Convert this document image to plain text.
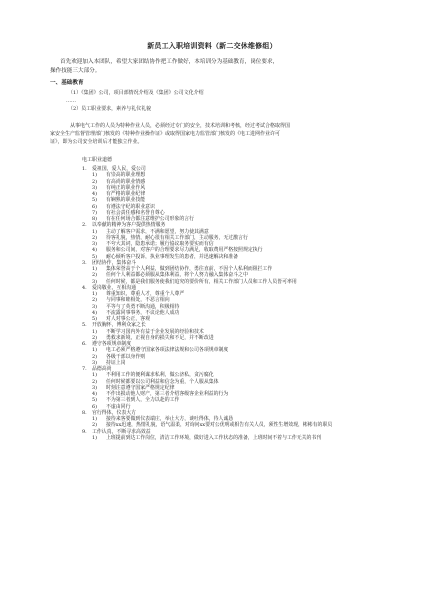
新员工入职培训资料（新二交休维修组）
首先欢迎加入本团队，希望大家团结协作把工作做好，本培训分为基础教育，岗位要求，
操作技能三大部分。
一、基础教育
（1）《集团》公司，项目部情况介绍及《集团》公司文化介绍
……
（2）员工职业要求，素养与礼仪礼貌
从事电气工作的人员为特种作业人员，必须经过专门的安全，技术培训和考核，经过考试合格取得国
家安全生产监督管理部门核发的《特种作业操作证》或取得国家电力监管部门核发的《电工进网作业许可
证》，即为公司安全培训后才能独立作业。
电工职业道德
1. 爱祖国，爱人民，爱公司
1) 有崇高的职业理想
2) 有高尚的职业情感
3) 有纯正的职业作风
4) 有严格的职业纪律
5) 有娴熟的职业技能
6) 有遵法守纪的职业意识
7) 有社会责任感和名誉自尊心
8) 有在任何场合都注意维护公司形象的言行
2. 以奉献的精神为客户提供热情服务
1) 主动了解客户需求，不满和愿望，努力使其满意
2) 待客礼貌，热情，耐心很有相关工作部门，主动服务，无过激言行
3) 不夸大其词，隐患承诺；履行協议取务要实而有信
4) 服务和公司间，对客户的合理要求尽力满足，收取费用严格按照规定执行
5) 耐心倾听客户投诉，执业事理发生的患者，并迅速解决和准备
3. 团结协作，集体奋斗
1) 集体荣誉高于个人利益，做到团结协作，勇往直前，不因个人私利而阻拦工作
2) 任何个人利益都必须服从集体利益，将个人努力融入集体奋斗之中
3) 任何时候，都是我们服务使我们追究的要价所有，相关工作部门人员和工作人员皆可率用
4. 爱岗敬业，互相沟通
1) 尊重知识，尊重人才，尊重个人尊严
2) 与同事和睦相处，不恶言相向
3) 平等与了英勇不断沟通，积极相待
4) 不流露同事事务，不议论他人成功
5) 对人对事公正，客观
5. 开放胸怀，博利众家之长
1) 不断学习国内外有益于企业发展的经验和技术
2) 勇救求新境，正视自身的损失和不足，并不断改进
6. 遵守各项规章制度
1) 电工必须严格遵守国家各项法律法规和公司各项规章制度
2) 各级干部以身作则
3) 持证上岗
7. 品德高尚
1) 不利用工作的便利谋求私利，做公济私，贪污腐化
2) 任何时候都要以公司利益和信念为重，个人服从集体
3) 时刻注意遵守国家严格规定纪律
4) 不作出损动他人财产，第三者介绍客级客企业利益的行为
5) 不为第三者到人，全力以赴的工作
6) 不虚由同行
8. 官行得体，仪表大方
1) 接待来客要做到仪表端庄，举止大方，谈吐得体，待人诚恳
2) 接待xx迅速，热情礼貌，语气温柔，对询问xx要对公优明或相告有关人员，须性生增效现，彬彬有的职员
9. 工作认真，不断寻求高效益
1) 上班提前到达工作岗位，清洁工作环境，做好进入工作状态的准备，上班时间不着与工作无关的书刊
